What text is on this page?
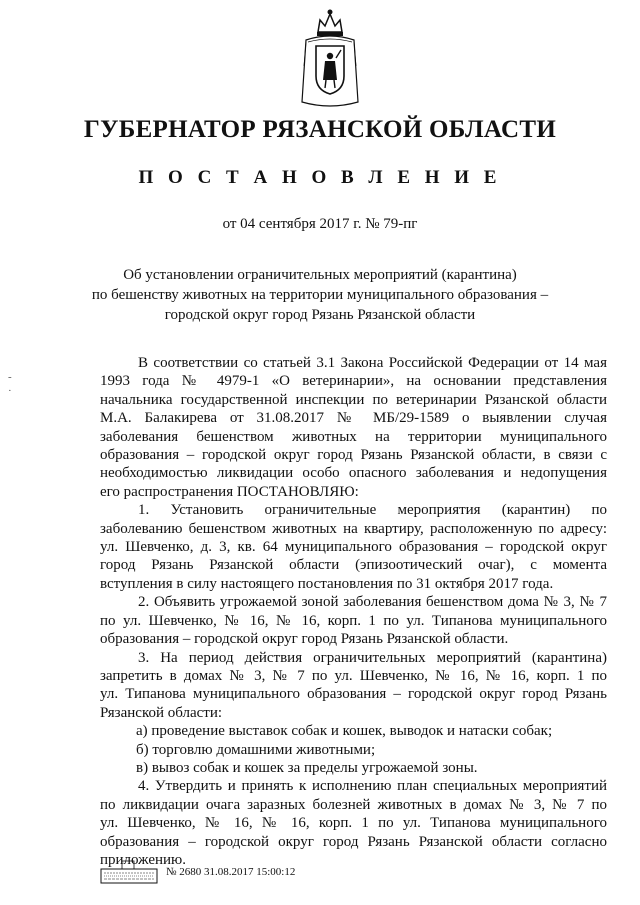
ГУБЕРНАТОР РЯЗАНСКОЙ ОБЛАСТИ
П О С Т А Н О В Л Е Н И Е
от 04 сентября 2017 г. № 79-пг
Об установлении ограничительных мероприятий (карантина)
по бешенству животных на территории муниципального образования –
городской округ город Рязань Рязанской области
-
·
В соответствии со статьей 3.1 Закона Российской Федерации от 14 мая
1993 года № 4979-1 «О ветеринарии», на основании представления
начальника государственной инспекции по ветеринарии Рязанской области
М.А. Балакирева от 31.08.2017 № МБ/29-1589 о выявлении случая
заболевания бешенством животных на территории муниципального
образования – городской округ город Рязань Рязанской области, в связи с
необходимостью ликвидации особо опасного заболевания и недопущения
его распространения ПОСТАНОВЛЯЮ:
1. Установить ограничительные мероприятия (карантин) по
заболеванию бешенством животных на квартиру, расположенную по адресу:
ул. Шевченко, д. 3, кв. 64 муниципального образования – городской округ
город Рязань Рязанской области (эпизоотический очаг), с момента
вступления в силу настоящего постановления по 31 октября 2017 года.
2. Объявить угрожаемой зоной заболевания бешенством дома № 3, № 7
по ул. Шевченко, № 16, № 16, корп. 1 по ул. Типанова муниципального
образования – городской округ город Рязань Рязанской области.
3. На период действия ограничительных мероприятий (карантина)
запретить в домах № 3, № 7 по ул. Шевченко, № 16, № 16, корп. 1 по
ул. Типанова муниципального образования – городской округ город Рязань
Рязанской области:
а) проведение выставок собак и кошек, выводок и натаски собак;
б) торговлю домашними животными;
в) вывоз собак и кошек за пределы угрожаемой зоны.
4. Утвердить и принять к исполнению план специальных мероприятий
по ликвидации очага заразных болезней животных в домах № 3, № 7 по
ул. Шевченко, № 16, № 16, корп. 1 по ул. Типанова муниципального
образования – городской округ город Рязань Рязанской области согласно
приложению.
№ 2680 31.08.2017 15:00:12
